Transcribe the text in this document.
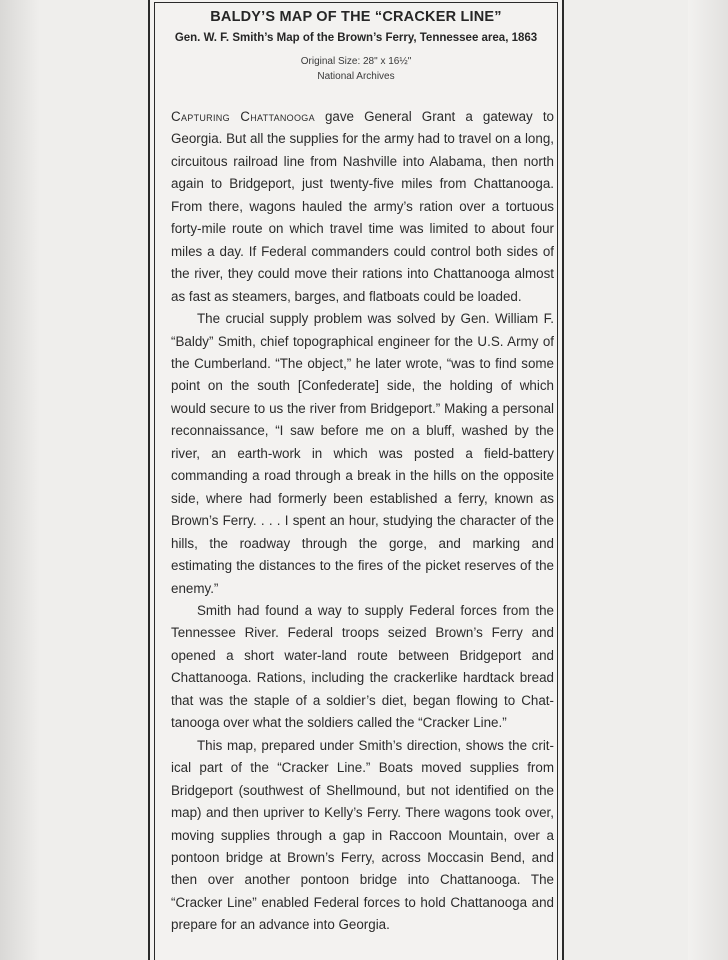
BALDY’S MAP OF THE “CRACKER LINE”
Gen. W. F. Smith’s Map of the Brown’s Ferry, Tennessee area, 1863

Original Size: 28" x 16½"

National Archives

Capturing Chattanooga gave General Grant a gateway to Georgia. But all the supplies for the army had to travel on a long, circuitous railroad line from Nashville into Alabama, then north again to Bridgeport, just twenty-five miles from Chattanooga. From there, wagons hauled the army’s ration over a tortuous forty-mile route on which travel time was limited to about four miles a day. If Federal commanders could control both sides of the river, they could move their rations into Chattanooga almost as fast as steamers, barges, and flatboats could be loaded.

The crucial supply problem was solved by Gen. William F. “Baldy” Smith, chief topographical engineer for the U.S. Army of the Cumberland. “The object,” he later wrote, “was to find some point on the south [Confederate] side, the holding of which would secure to us the river from Bridgeport.” Making a personal reconnaissance, “I saw before me on a bluff, washed by the river, an earth-work in which was posted a field-battery commanding a road through a break in the hills on the opposite side, where had formerly been established a ferry, known as Brown’s Ferry. . . . I spent an hour, studying the character of the hills, the roadway through the gorge, and marking and estimating the distances to the fires of the picket reserves of the enemy.”

Smith had found a way to supply Federal forces from the Tennessee River. Federal troops seized Brown’s Ferry and opened a short water-land route between Bridgeport and Chattanooga. Rations, including the crackerlike hardtack bread that was the staple of a soldier’s diet, began flowing to Chattanooga over what the soldiers called the “Cracker Line.”

This map, prepared under Smith’s direction, shows the critical part of the “Cracker Line.” Boats moved supplies from Bridgeport (southwest of Shellmound, but not identified on the map) and then upriver to Kelly’s Ferry. There wagons took over, moving supplies through a gap in Raccoon Mountain, over a pontoon bridge at Brown’s Ferry, across Moccasin Bend, and then over another pontoon bridge into Chattanooga. The “Cracker Line” enabled Federal forces to hold Chattanooga and prepare for an advance into Georgia.
